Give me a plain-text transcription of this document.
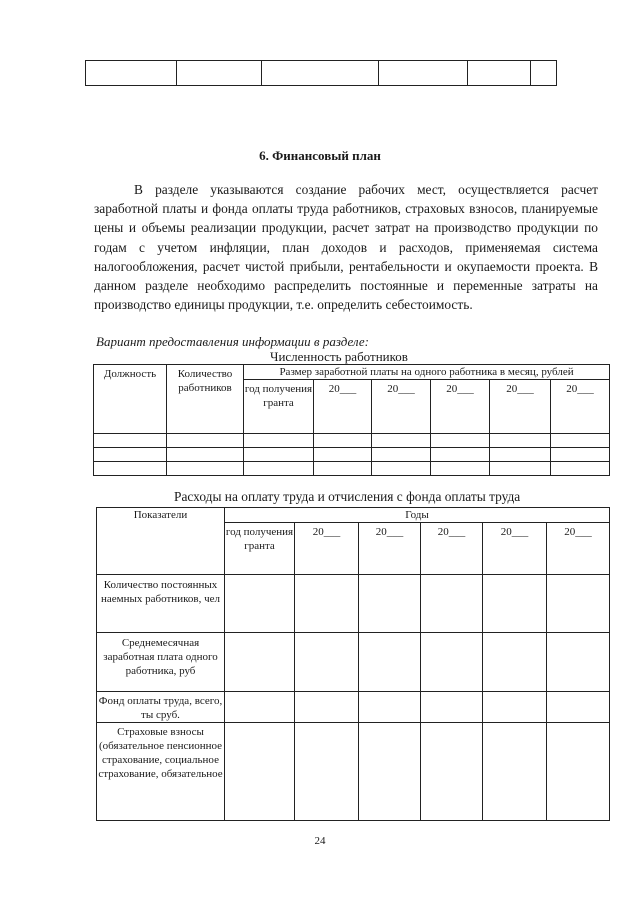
6. Финансовый план

В разделе указываются создание рабочих мест, осуществляется расчет заработной платы и фонда оплаты труда работников, страховых взносов, планируемые цены и объемы реализации продукции, расчет затрат на производство продукции по годам с учетом инфляции, план доходов и расходов, применяемая система налогообложения, расчет чистой прибыли, рентабельности и окупаемости проекта. В данном разделе необходимо распределить постоянные и переменные затраты на производство единицы продукции, т.е. определить себестоимость.

Вариант предоставления информации в разделе:
Численность работников
Должность	Количество работников	Размер заработной платы на одного работника в месяц, рублей					
		год получения гранта	20___	20___	20___	20___	20___

Расходы на оплату труда и отчисления с фонда оплаты труда
Показатели	Годы					
	год получения гранта	20___	20___	20___	20___	20___
Количество постоянных наемных работников, чел						
Среднемесячная заработная плата одного работника, руб						
Фонд оплаты труда, всего, ты сруб.						
Страховые взносы (обязательное пенсионное страхование, социальное страхование, обязательное						
24
